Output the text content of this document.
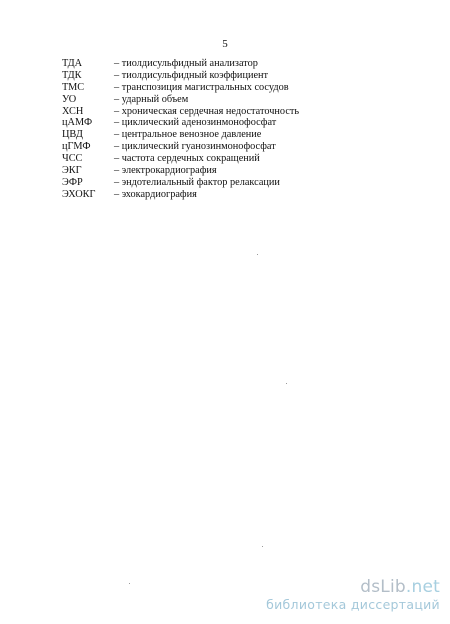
5
ТДА	– тиолдисульфидный анализатор
ТДК	– тиолдисульфидный коэффициент
ТМС	– транспозиция магистральных сосудов
УО	– ударный объем
ХСН	– хроническая сердечная недостаточность
цАМФ	– циклический аденозинмонофосфат
ЦВД	– центральное венозное давление
цГМФ	– циклический гуанозинмонофосфат
ЧСС	– частота сердечных сокращений
ЭКГ	– электрокардиография
ЭФР	– эндотелиальный фактор релаксации
ЭХОКГ	– эхокардиография
dsLib.net
библиотека диссертаций
